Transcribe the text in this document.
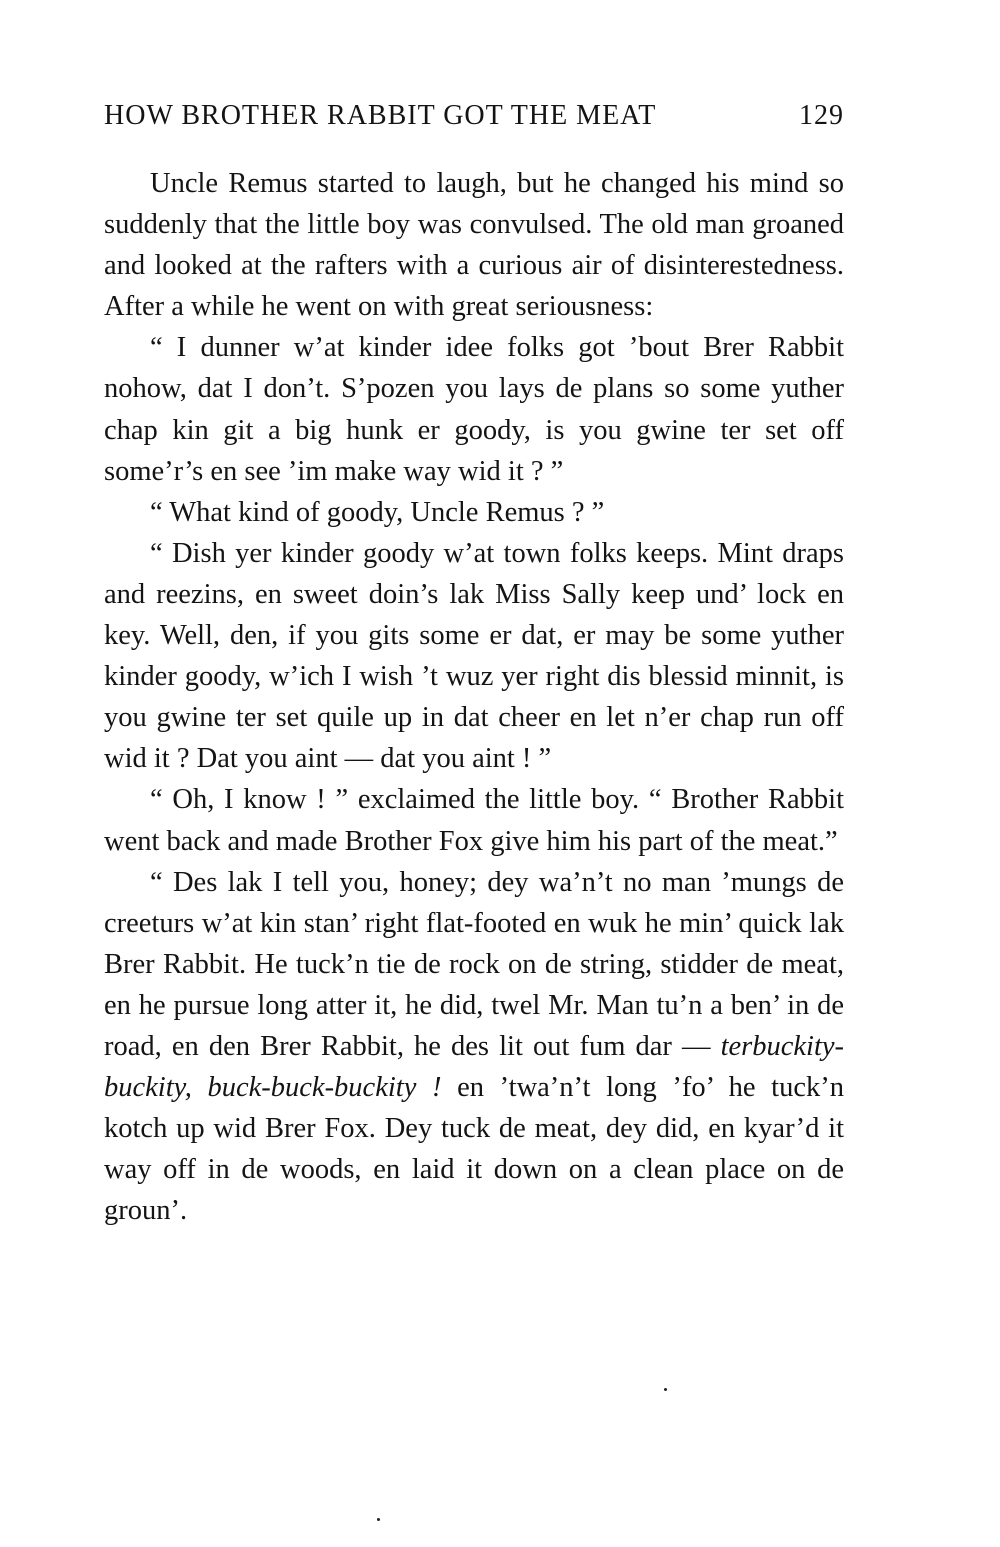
HOW BROTHER RABBIT GOT THE MEAT	129

Uncle Remus started to laugh, but he changed his mind so suddenly that the little boy was convulsed. The old man groaned and looked at the rafters with a curious air of disinterestedness. After a while he went on with great seriousness:

“ I dunner w’at kinder idee folks got ’bout Brer Rabbit nohow, dat I don’t. S’pozen you lays de plans so some yuther chap kin git a big hunk er goody, is you gwine ter set off some’r’s en see ’im make way wid it ? ”

“ What kind of goody, Uncle Remus ? ”

“ Dish yer kinder goody w’at town folks keeps. Mint draps and reezins, en sweet doin’s lak Miss Sally keep und’ lock en key. Well, den, if you gits some er dat, er may be some yuther kinder goody, w’ich I wish ’t wuz yer right dis blessid minnit, is you gwine ter set quile up in dat cheer en let n’er chap run off wid it ? Dat you aint — dat you aint ! ”

“ Oh, I know ! ” exclaimed the little boy. “ Brother Rabbit went back and made Brother Fox give him his part of the meat.”

“ Des lak I tell you, honey; dey wa’n’t no man ’mungs de creeturs w’at kin stan’ right flat-footed en wuk he min’ quick lak Brer Rabbit. He tuck’n tie de rock on de string, stidder de meat, en he pursue long atter it, he did, twel Mr. Man tu’n a ben’ in de road, en den Brer Rabbit, he des lit out fum dar — terbuckity-buckity, buck-buck-buckity ! en ’twa’n’t long ’fo’ he tuck’n kotch up wid Brer Fox. Dey tuck de meat, dey did, en kyar’d it way off in de woods, en laid it down on a clean place on de groun’.
